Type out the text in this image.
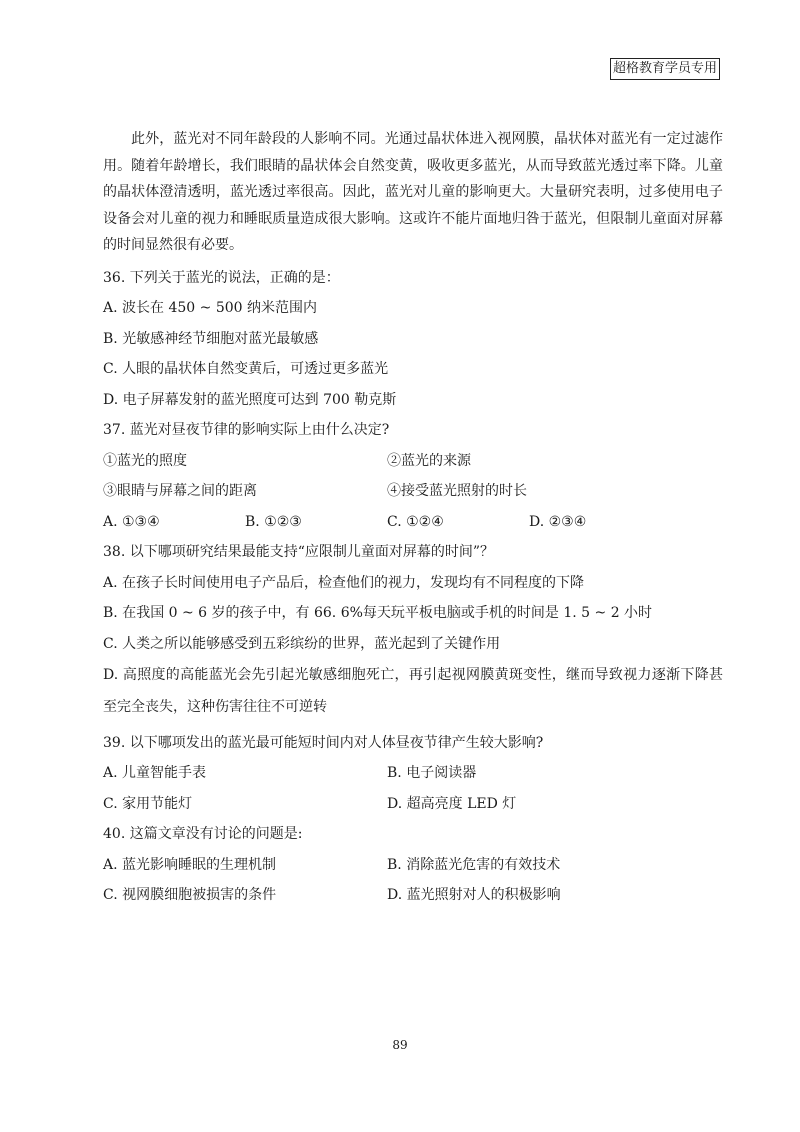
超格教育学员专用

此外，蓝光对不同年龄段的人影响不同。光通过晶状体进入视网膜，晶状体对蓝光有一定过滤作用。随着年龄增长，我们眼睛的晶状体会自然变黄，吸收更多蓝光，从而导致蓝光透过率下降。儿童的晶状体澄清透明，蓝光透过率很高。因此，蓝光对儿童的影响更大。大量研究表明，过多使用电子设备会对儿童的视力和睡眠质量造成很大影响。这或许不能片面地归咎于蓝光，但限制儿童面对屏幕的时间显然很有必要。

36. 下列关于蓝光的说法，正确的是：
A. 波长在 450 ~ 500 纳米范围内
B. 光敏感神经节细胞对蓝光最敏感
C. 人眼的晶状体自然变黄后，可透过更多蓝光
D. 电子屏幕发射的蓝光照度可达到 700 勒克斯
37. 蓝光对昼夜节律的影响实际上由什么决定?
①蓝光的照度	②蓝光的来源
③眼睛与屏幕之间的距离	④接受蓝光照射的时长
A. ①③④	B. ①②③	C. ①②④	D. ②③④
38. 以下哪项研究结果最能支持“应限制儿童面对屏幕的时间”？
A. 在孩子长时间使用电子产品后，检查他们的视力，发现均有不同程度的下降
B. 在我国 0 ~ 6 岁的孩子中，有 66. 6%每天玩平板电脑或手机的时间是 1. 5 ~ 2 小时
C. 人类之所以能够感受到五彩缤纷的世界，蓝光起到了关键作用
D. 高照度的高能蓝光会先引起光敏感细胞死亡，再引起视网膜黄斑变性，继而导致视力逐渐下降甚至完全丧失，这种伤害往往不可逆转
39. 以下哪项发出的蓝光最可能短时间内对人体昼夜节律产生较大影响?
A. 儿童智能手表	B. 电子阅读器
C. 家用节能灯	D. 超高亮度 LED 灯
40. 这篇文章没有讨论的问题是:
A. 蓝光影响睡眠的生理机制	B. 消除蓝光危害的有效技术
C. 视网膜细胞被损害的条件	D. 蓝光照射对人的积极影响
89
